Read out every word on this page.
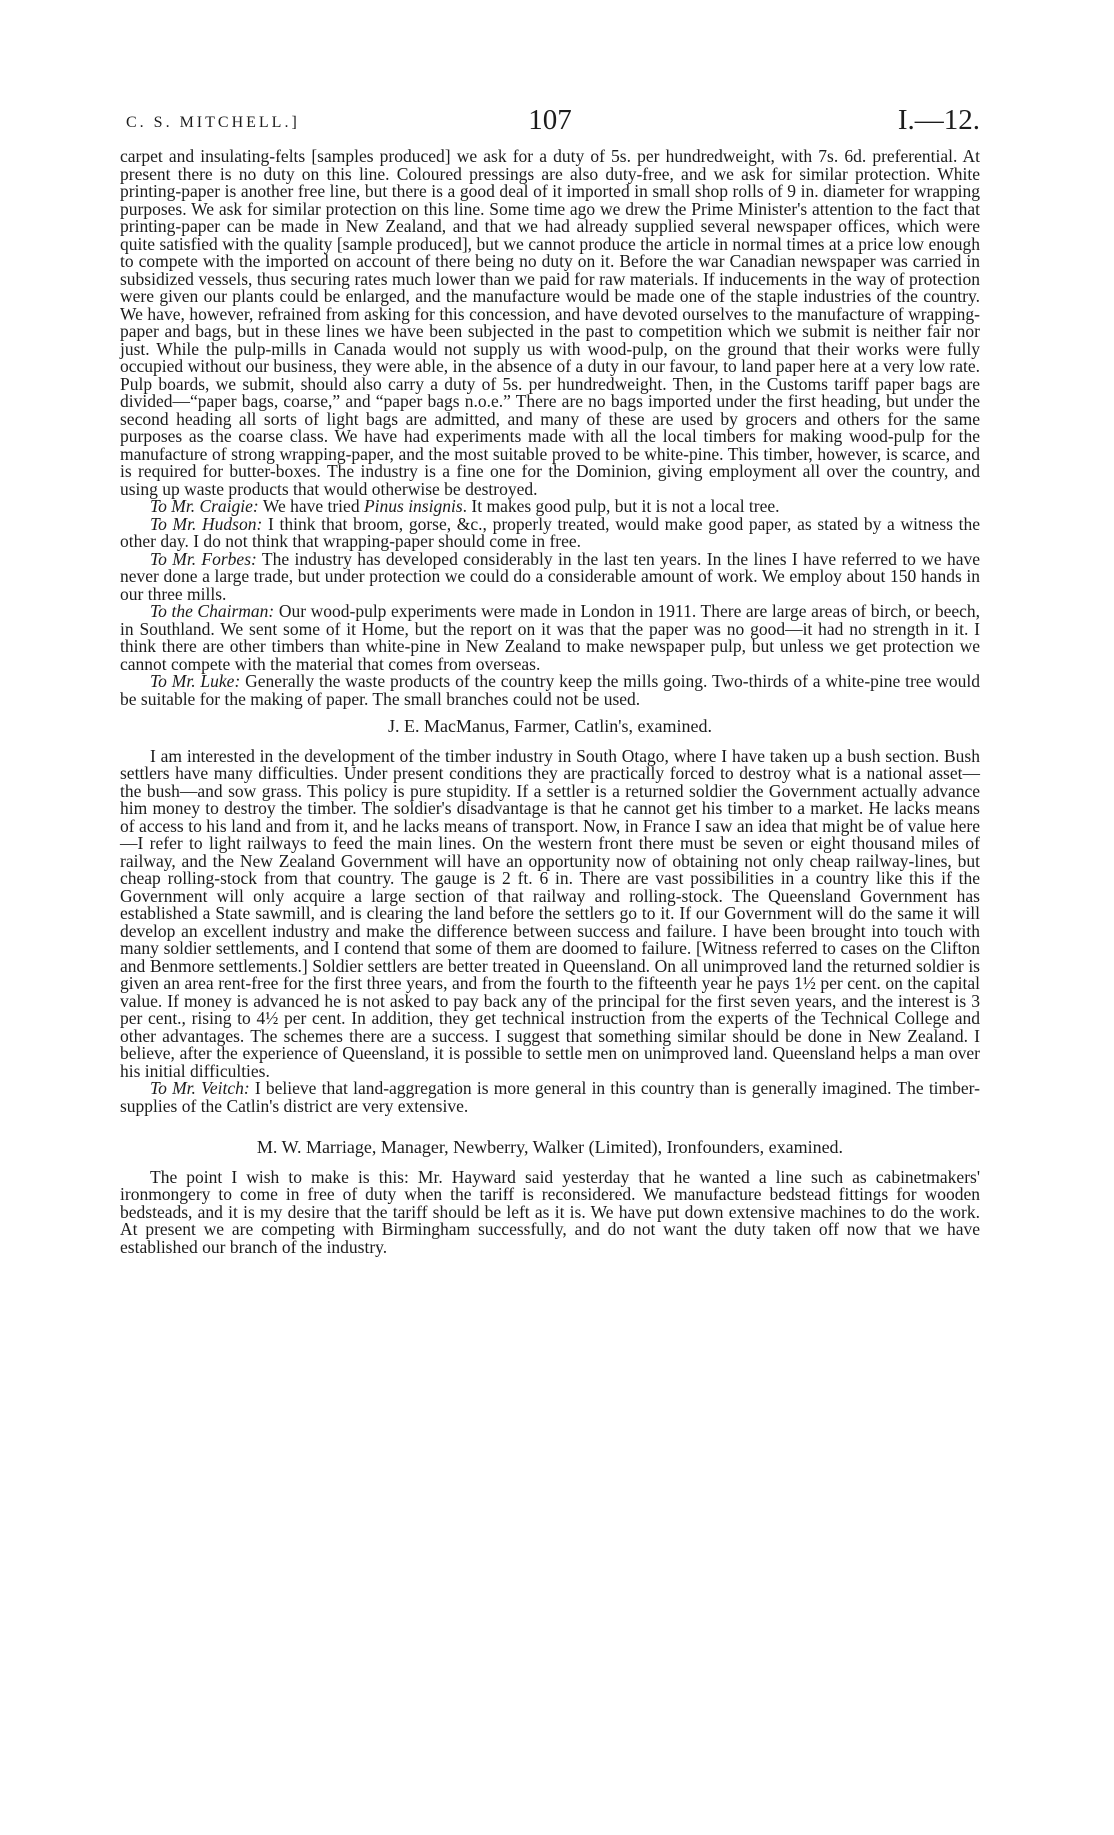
C. S. MITCHELL.]	107	I.—12.

carpet and insulating-felts [samples produced] we ask for a duty of 5s. per hundredweight, with 7s. 6d. preferential. At present there is no duty on this line. Coloured pressings are also duty-free, and we ask for similar protection. White printing-paper is another free line, but there is a good deal of it imported in small shop rolls of 9 in. diameter for wrapping purposes. We ask for similar protection on this line. Some time ago we drew the Prime Minister's attention to the fact that printing-paper can be made in New Zealand, and that we had already supplied several newspaper offices, which were quite satisfied with the quality [sample produced], but we cannot produce the article in normal times at a price low enough to compete with the imported on account of there being no duty on it. Before the war Canadian newspaper was carried in subsidized vessels, thus securing rates much lower than we paid for raw materials. If inducements in the way of protection were given our plants could be enlarged, and the manufacture would be made one of the staple industries of the country. We have, however, refrained from asking for this concession, and have devoted ourselves to the manufacture of wrapping-paper and bags, but in these lines we have been subjected in the past to competition which we submit is neither fair nor just. While the pulp-mills in Canada would not supply us with wood-pulp, on the ground that their works were fully occupied without our business, they were able, in the absence of a duty in our favour, to land paper here at a very low rate. Pulp boards, we submit, should also carry a duty of 5s. per hundredweight. Then, in the Customs tariff paper bags are divided—“paper bags, coarse,” and “paper bags n.o.e.” There are no bags imported under the first heading, but under the second heading all sorts of light bags are admitted, and many of these are used by grocers and others for the same purposes as the coarse class. We have had experiments made with all the local timbers for making wood-pulp for the manufacture of strong wrapping-paper, and the most suitable proved to be white-pine. This timber, however, is scarce, and is required for butter-boxes. The industry is a fine one for the Dominion, giving employment all over the country, and using up waste products that would otherwise be destroyed.

To Mr. Craigie: We have tried Pinus insignis. It makes good pulp, but it is not a local tree.

To Mr. Hudson: I think that broom, gorse, &c., properly treated, would make good paper, as stated by a witness the other day. I do not think that wrapping-paper should come in free.

To Mr. Forbes: The industry has developed considerably in the last ten years. In the lines I have referred to we have never done a large trade, but under protection we could do a considerable amount of work. We employ about 150 hands in our three mills.

To the Chairman: Our wood-pulp experiments were made in London in 1911. There are large areas of birch, or beech, in Southland. We sent some of it Home, but the report on it was that the paper was no good—it had no strength in it. I think there are other timbers than white-pine in New Zealand to make newspaper pulp, but unless we get protection we cannot compete with the material that comes from overseas.

To Mr. Luke: Generally the waste products of the country keep the mills going. Two-thirds of a white-pine tree would be suitable for the making of paper. The small branches could not be used.

J. E. MacManus, Farmer, Catlin's, examined.

I am interested in the development of the timber industry in South Otago, where I have taken up a bush section. Bush settlers have many difficulties. Under present conditions they are practically forced to destroy what is a national asset—the bush—and sow grass. This policy is pure stupidity. If a settler is a returned soldier the Government actually advance him money to destroy the timber. The soldier's disadvantage is that he cannot get his timber to a market. He lacks means of access to his land and from it, and he lacks means of transport. Now, in France I saw an idea that might be of value here—I refer to light railways to feed the main lines. On the western front there must be seven or eight thousand miles of railway, and the New Zealand Government will have an opportunity now of obtaining not only cheap railway-lines, but cheap rolling-stock from that country. The gauge is 2 ft. 6 in. There are vast possibilities in a country like this if the Government will only acquire a large section of that railway and rolling-stock. The Queensland Government has established a State sawmill, and is clearing the land before the settlers go to it. If our Government will do the same it will develop an excellent industry and make the difference between success and failure. I have been brought into touch with many soldier settlements, and I contend that some of them are doomed to failure. [Witness referred to cases on the Clifton and Benmore settlements.] Soldier settlers are better treated in Queensland. On all unimproved land the returned soldier is given an area rent-free for the first three years, and from the fourth to the fifteenth year he pays 1½ per cent. on the capital value. If money is advanced he is not asked to pay back any of the principal for the first seven years, and the interest is 3 per cent., rising to 4½ per cent. In addition, they get technical instruction from the experts of the Technical College and other advantages. The schemes there are a success. I suggest that something similar should be done in New Zealand. I believe, after the experience of Queensland, it is possible to settle men on unimproved land. Queensland helps a man over his initial difficulties.

To Mr. Veitch: I believe that land-aggregation is more general in this country than is generally imagined. The timber-supplies of the Catlin's district are very extensive.

M. W. Marriage, Manager, Newberry, Walker (Limited), Ironfounders, examined.

The point I wish to make is this: Mr. Hayward said yesterday that he wanted a line such as cabinetmakers' ironmongery to come in free of duty when the tariff is reconsidered. We manufacture bedstead fittings for wooden bedsteads, and it is my desire that the tariff should be left as it is. We have put down extensive machines to do the work. At present we are competing with Birmingham successfully, and do not want the duty taken off now that we have established our branch of the industry.
